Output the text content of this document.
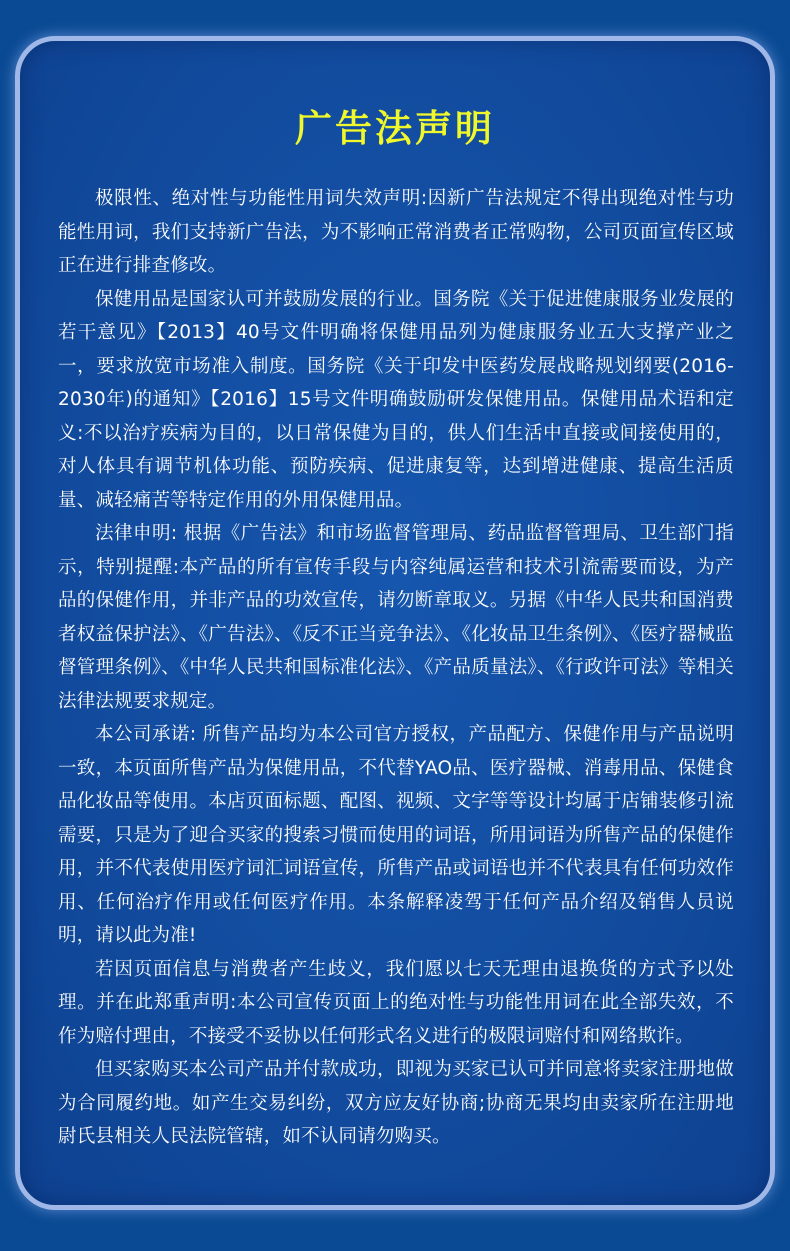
广告法声明

极限性、绝对性与功能性用词失效声明:因新广告法规定不得出现绝对性与功能性用词，我们支持新广告法，为不影响正常消费者正常购物，公司页面宣传区域正在进行排查修改。

保健用品是国家认可并鼓励发展的行业。国务院《关于促进健康服务业发展的若干意见》【2013】40号文件明确将保健用品列为健康服务业五大支撑产业之一，要求放宽市场准入制度。国务院《关于印发中医药发展战略规划纲要(2016-2030年)的通知》【2016】15号文件明确鼓励研发保健用品。保健用品术语和定义:不以治疗疾病为目的，以日常保健为目的，供人们生活中直接或间接使用的，对人体具有调节机体功能、预防疾病、促进康复等，达到增进健康、提高生活质量、减轻痛苦等特定作用的外用保健用品。

法律申明: 根据《广告法》和市场监督管理局、药品监督管理局、卫生部门指示，特别提醒:本产品的所有宣传手段与内容纯属运营和技术引流需要而设，为产品的保健作用，并非产品的功效宣传，请勿断章取义。另据《中华人民共和国消费者权益保护法》、《广告法》、《反不正当竞争法》、《化妆品卫生条例》、《医疗器械监督管理条例》、《中华人民共和国标准化法》、《产品质量法》、《行政许可法》等相关法律法规要求规定。

本公司承诺: 所售产品均为本公司官方授权，产品配方、保健作用与产品说明一致，本页面所售产品为保健用品，不代替YAO品、医疗器械、消毒用品、保健食品化妆品等使用。本店页面标题、配图、视频、文字等等设计均属于店铺装修引流需要，只是为了迎合买家的搜索习惯而使用的词语，所用词语为所售产品的保健作用，并不代表使用医疗词汇词语宣传，所售产品或词语也并不代表具有任何功效作用、任何治疗作用或任何医疗作用。本条解释凌驾于任何产品介绍及销售人员说明，请以此为准!

若因页面信息与消费者产生歧义，我们愿以七天无理由退换货的方式予以处理。并在此郑重声明:本公司宣传页面上的绝对性与功能性用词在此全部失效，不作为赔付理由，不接受不妥协以任何形式名义进行的极限词赔付和网络欺诈。

但买家购买本公司产品并付款成功，即视为买家已认可并同意将卖家注册地做为合同履约地。如产生交易纠纷，双方应友好协商;协商无果均由卖家所在注册地尉氏县相关人民法院管辖，如不认同请勿购买。
